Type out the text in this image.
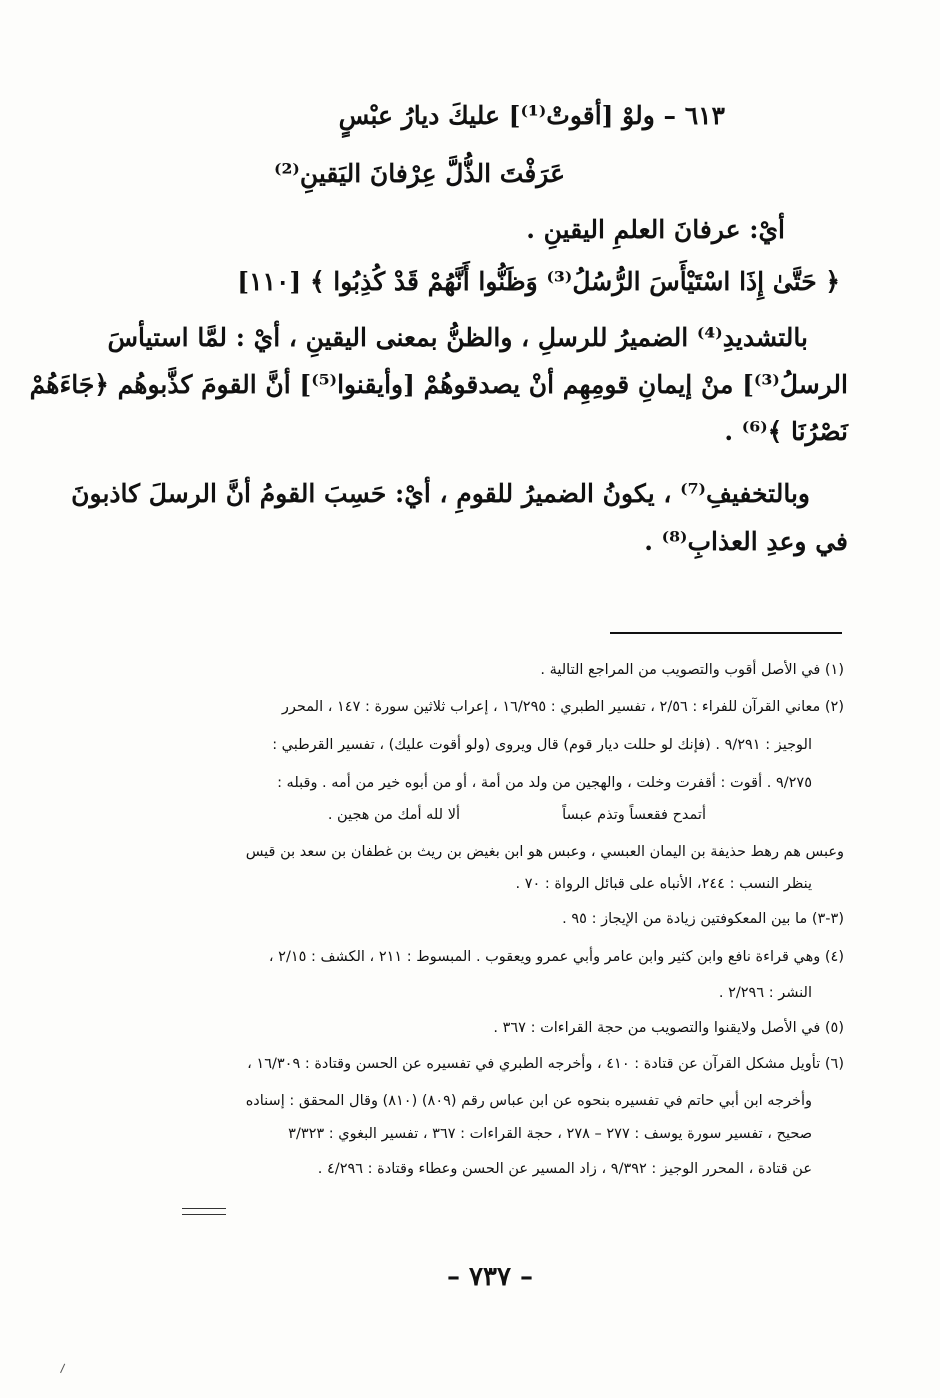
٦١٣ – ولوْ [أقوتْ⁽¹⁾] عليكَ ديارُ عبْسٍ
عَرَفْتَ الذُّلَّ عِرْفانَ اليَقينِ⁽²⁾
أيْ: عرفانَ العلمِ اليقينِ .
﴿ حَتَّىٰ إِذَا اسْتَيْأَسَ الرُّسُلُ⁽³⁾ وَظَنُّوا أَنَّهُمْ قَدْ كُذِبُوا ﴾ [١١٠]
بالتشديدِ⁽⁴⁾ الضميرُ للرسلِ ، والظنُّ بمعنى اليقينِ ، أيْ : لمَّا استيأسَ
الرسلُ⁽³⁾] منْ إيمانِ قومِهِم أنْ يصدقوهُمْ [وأيقنوا⁽⁵⁾] أنَّ القومَ كذَّبوهُم ﴿جَاءَهُمْ
نَصْرُنَا ﴾⁽⁶⁾ .
وبالتخفيفِ⁽⁷⁾ ، يكونُ الضميرُ للقومِ ، أيْ: حَسِبَ القومُ أنَّ الرسلَ كاذبونَ
في وعدِ العذابِ⁽⁸⁾ .
(١) في الأصل أقوب والتصويب من المراجع التالية .
(٢) معاني القرآن للفراء : ٢/٥٦ ، تفسير الطبري : ١٦/٢٩٥ ، إعراب ثلاثين سورة : ١٤٧ ، المحرر
الوجيز : ٩/٢٩١ . (فإنك لو حللت ديار قوم) قال ويروى (ولو أقوت عليك) ، تفسير القرطبي :
٩/٢٧٥ . أقوت : أقفرت وخلت ، والهجين من ولد من أمة ، أو من أبوه خير من أمه . وقبله :
ألا لله أمك من هجين .	أتمدح فقعساً وتذم عبساً
وعبس هم رهط حذيفة بن اليمان العبسي ، وعبس هو ابن بغيض بن ريث بن غطفان بن سعد بن قيس
ينظر النسب : ٢٤٤، الأنباه على قبائل الرواة : ٧٠ .
(٣-٣) ما بين المعكوفتين زيادة من الإيجاز : ٩٥ .
(٤) وهي قراءة نافع وابن كثير وابن عامر وأبي عمرو ويعقوب . المبسوط : ٢١١ ، الكشف : ٢/١٥ ،
النشر : ٢/٢٩٦ .
(٥) في الأصل ولايقنوا والتصويب من حجة القراءات : ٣٦٧ .
(٦) تأويل مشكل القرآن عن قتادة : ٤١٠ ، وأخرجه الطبري في تفسيره عن الحسن وقتادة : ١٦/٣٠٩ ،
وأخرجه ابن أبي حاتم في تفسيره بنحوه عن ابن عباس رقم (٨٠٩) (٨١٠) وقال المحقق : إسناده
صحيح ، تفسير سورة يوسف : ٢٧٧ – ٢٧٨ ، حجة القراءات : ٣٦٧ ، تفسير البغوي : ٣/٣٢٣
عن قتادة ، المحرر الوجيز : ٩/٣٩٢ ، زاد المسير عن الحسن وعطاء وقتادة : ٤/٢٩٦ .
– ٧٣٧ –
